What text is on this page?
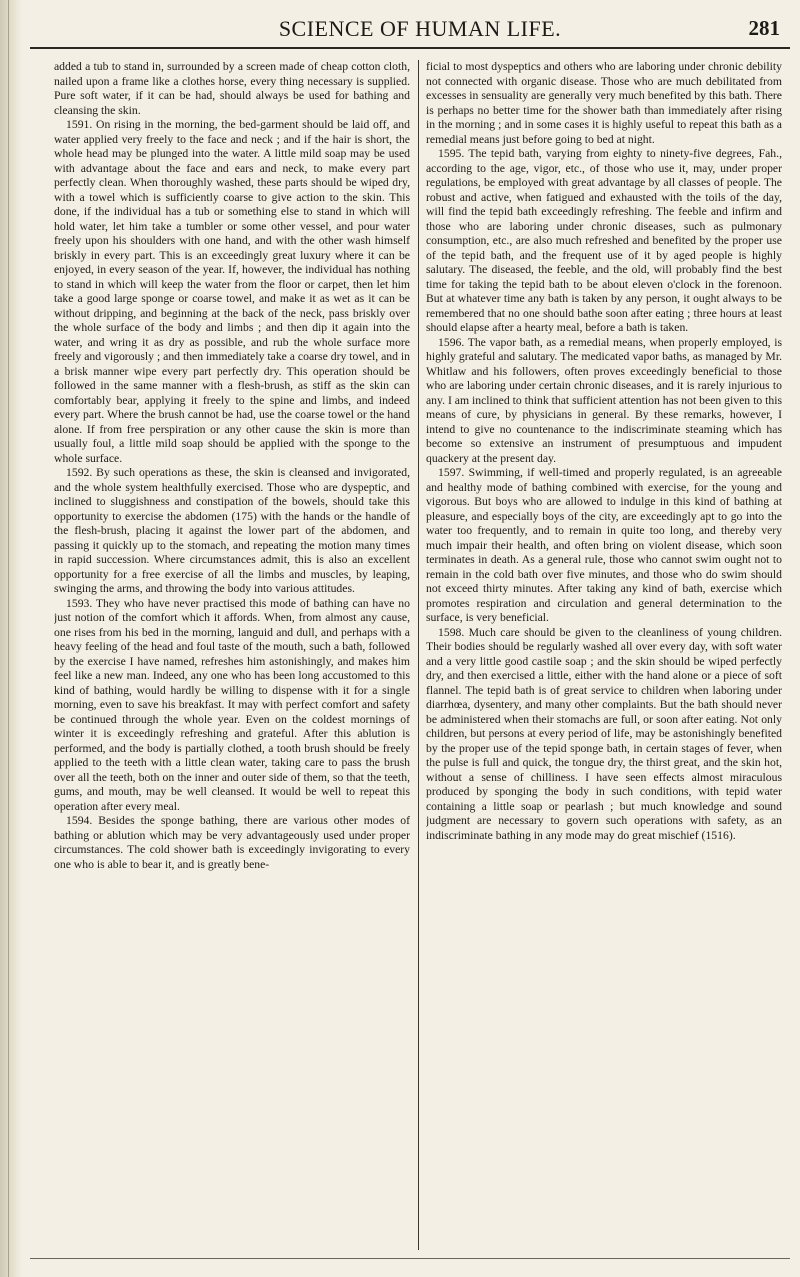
SCIENCE OF HUMAN LIFE.	281

added a tub to stand in, surrounded by a screen made of cheap cotton cloth, nailed upon a frame like a clothes horse, every thing necessary is supplied. Pure soft water, if it can be had, should always be used for bathing and cleansing the skin.

1591. On rising in the morning, the bed-garment should be laid off, and water applied very freely to the face and neck ; and if the hair is short, the whole head may be plunged into the water. A little mild soap may be used with advantage about the face and ears and neck, to make every part perfectly clean. When thoroughly washed, these parts should be wiped dry, with a towel which is sufficiently coarse to give action to the skin. This done, if the individual has a tub or something else to stand in which will hold water, let him take a tumbler or some other vessel, and pour water freely upon his shoulders with one hand, and with the other wash himself briskly in every part. This is an exceedingly great luxury where it can be enjoyed, in every season of the year. If, however, the individual has nothing to stand in which will keep the water from the floor or carpet, then let him take a good large sponge or coarse towel, and make it as wet as it can be without dripping, and beginning at the back of the neck, pass briskly over the whole surface of the body and limbs ; and then dip it again into the water, and wring it as dry as possible, and rub the whole surface more freely and vigorously ; and then immediately take a coarse dry towel, and in a brisk manner wipe every part perfectly dry. This operation should be followed in the same manner with a flesh-brush, as stiff as the skin can comfortably bear, applying it freely to the spine and limbs, and indeed every part. Where the brush cannot be had, use the coarse towel or the hand alone. If from free perspiration or any other cause the skin is more than usually foul, a little mild soap should be applied with the sponge to the whole surface.

1592. By such operations as these, the skin is cleansed and invigorated, and the whole system healthfully exercised. Those who are dyspeptic, and inclined to sluggishness and constipation of the bowels, should take this opportunity to exercise the abdomen (175) with the hands or the handle of the flesh-brush, placing it against the lower part of the abdomen, and passing it quickly up to the stomach, and repeating the motion many times in rapid succession. Where circumstances admit, this is also an excellent opportunity for a free exercise of all the limbs and muscles, by leaping, swinging the arms, and throwing the body into various attitudes.

1593. They who have never practised this mode of bathing can have no just notion of the comfort which it affords. When, from almost any cause, one rises from his bed in the morning, languid and dull, and perhaps with a heavy feeling of the head and foul taste of the mouth, such a bath, followed by the exercise I have named, refreshes him astonishingly, and makes him feel like a new man. Indeed, any one who has been long accustomed to this kind of bathing, would hardly be willing to dispense with it for a single morning, even to save his breakfast. It may with perfect comfort and safety be continued through the whole year. Even on the coldest mornings of winter it is exceedingly refreshing and grateful. After this ablution is performed, and the body is partially clothed, a tooth brush should be freely applied to the teeth with a little clean water, taking care to pass the brush over all the teeth, both on the inner and outer side of them, so that the teeth, gums, and mouth, may be well cleansed. It would be well to repeat this operation after every meal.

1594. Besides the sponge bathing, there are various other modes of bathing or ablution which may be very advantageously used under proper circumstances. The cold shower bath is exceedingly invigorating to every one who is able to bear it, and is greatly bene-

ficial to most dyspeptics and others who are laboring under chronic debility not connected with organic disease. Those who are much debilitated from excesses in sensuality are generally very much benefited by this bath. There is perhaps no better time for the shower bath than immediately after rising in the morning ; and in some cases it is highly useful to repeat this bath as a remedial means just before going to bed at night.

1595. The tepid bath, varying from eighty to ninety-five degrees, Fah., according to the age, vigor, etc., of those who use it, may, under proper regulations, be employed with great advantage by all classes of people. The robust and active, when fatigued and exhausted with the toils of the day, will find the tepid bath exceedingly refreshing. The feeble and infirm and those who are laboring under chronic diseases, such as pulmonary consumption, etc., are also much refreshed and benefited by the proper use of the tepid bath, and the frequent use of it by aged people is highly salutary. The diseased, the feeble, and the old, will probably find the best time for taking the tepid bath to be about eleven o'clock in the forenoon. But at whatever time any bath is taken by any person, it ought always to be remembered that no one should bathe soon after eating ; three hours at least should elapse after a hearty meal, before a bath is taken.

1596. The vapor bath, as a remedial means, when properly employed, is highly grateful and salutary. The medicated vapor baths, as managed by Mr. Whitlaw and his followers, often proves exceedingly beneficial to those who are laboring under certain chronic diseases, and it is rarely injurious to any. I am inclined to think that sufficient attention has not been given to this means of cure, by physicians in general. By these remarks, however, I intend to give no countenance to the indiscriminate steaming which has become so extensive an instrument of presumptuous and impudent quackery at the present day.

1597. Swimming, if well-timed and properly regulated, is an agreeable and healthy mode of bathing combined with exercise, for the young and vigorous. But boys who are allowed to indulge in this kind of bathing at pleasure, and especially boys of the city, are exceedingly apt to go into the water too frequently, and to remain in quite too long, and thereby very much impair their health, and often bring on violent disease, which soon terminates in death. As a general rule, those who cannot swim ought not to remain in the cold bath over five minutes, and those who do swim should not exceed thirty minutes. After taking any kind of bath, exercise which promotes respiration and circulation and general determination to the surface, is very beneficial.

1598. Much care should be given to the cleanliness of young children. Their bodies should be regularly washed all over every day, with soft water and a very little good castile soap ; and the skin should be wiped perfectly dry, and then exercised a little, either with the hand alone or a piece of soft flannel. The tepid bath is of great service to children when laboring under diarrhœa, dysentery, and many other complaints. But the bath should never be administered when their stomachs are full, or soon after eating. Not only children, but persons at every period of life, may be astonishingly benefited by the proper use of the tepid sponge bath, in certain stages of fever, when the pulse is full and quick, the tongue dry, the thirst great, and the skin hot, without a sense of chilliness. I have seen effects almost miraculous produced by sponging the body in such conditions, with tepid water containing a little soap or pearlash ; but much knowledge and sound judgment are necessary to govern such operations with safety, as an indiscriminate bathing in any mode may do great mischief (1516).
